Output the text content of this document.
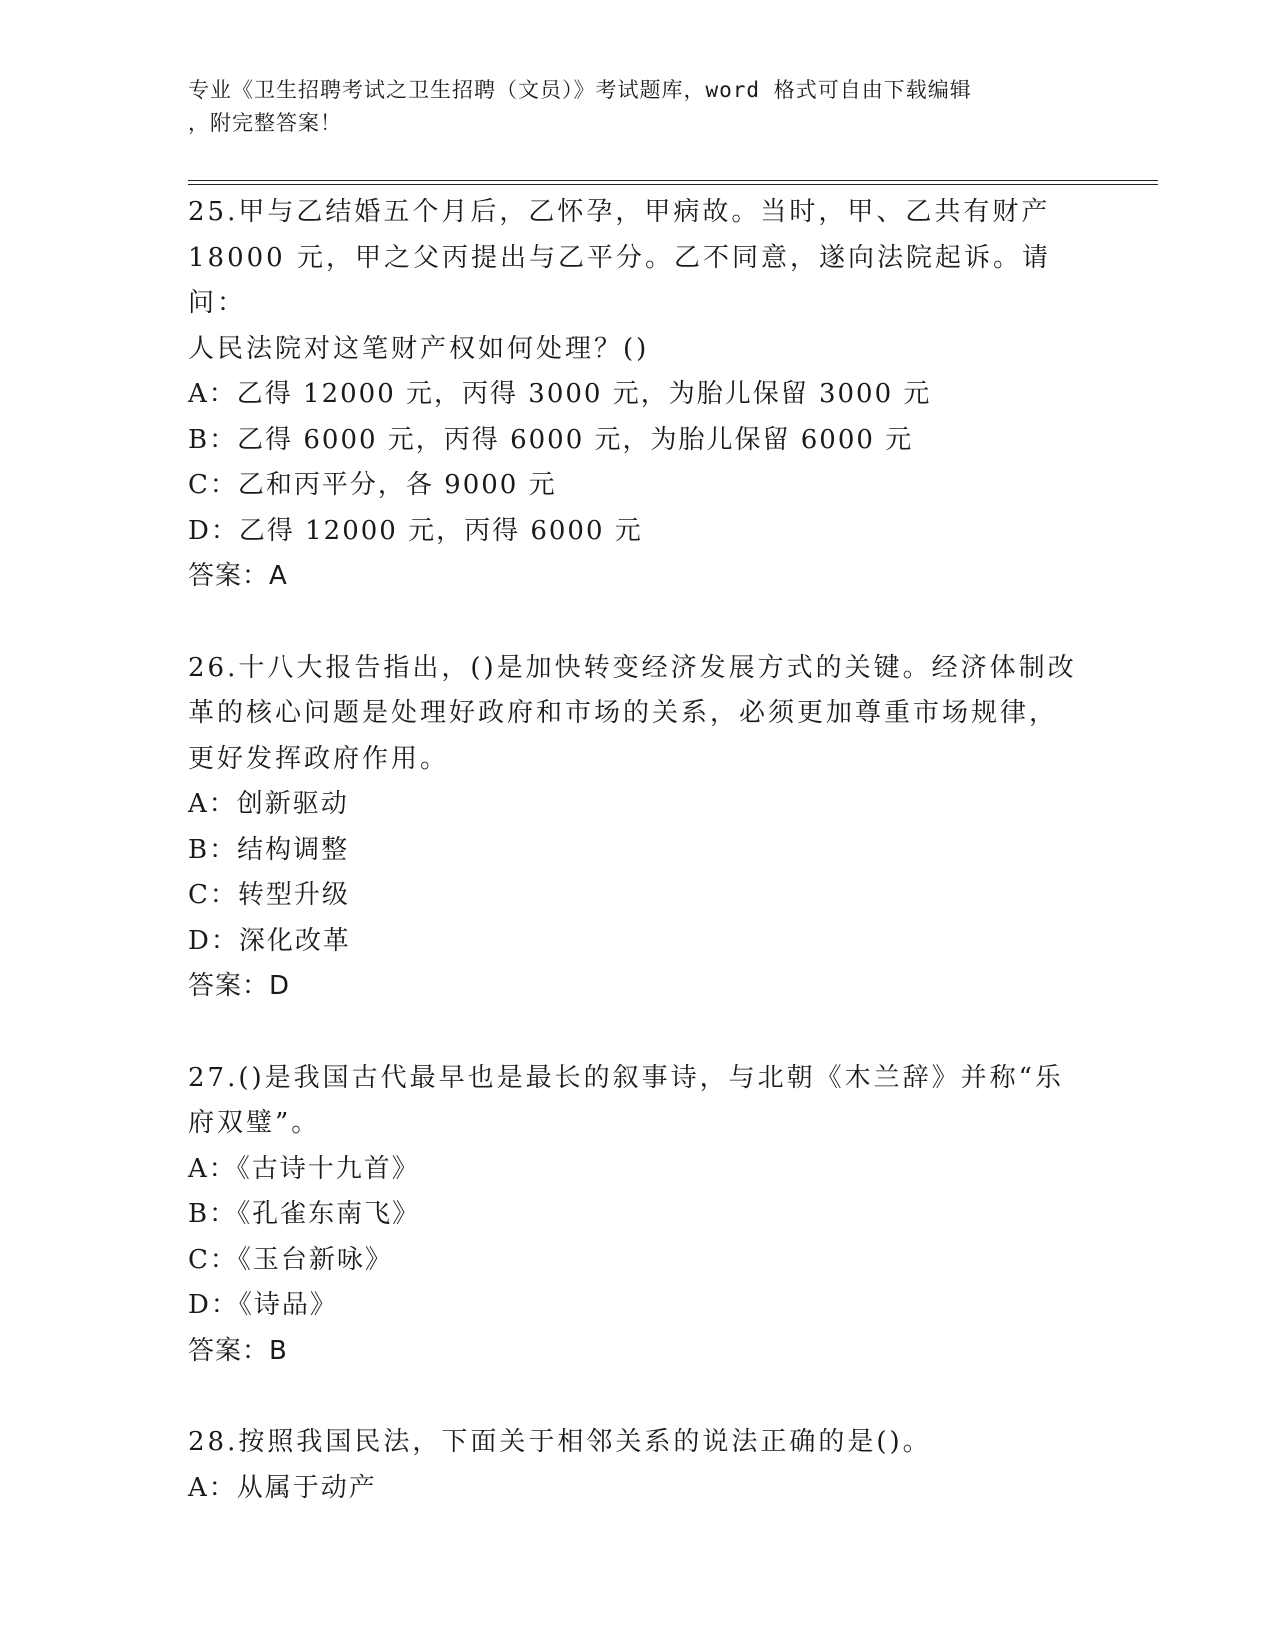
专业《卫生招聘考试之卫生招聘（文员）》考试题库，word 格式可自由下载编辑
，附完整答案！

25.甲与乙结婚五个月后，乙怀孕，甲病故。当时，甲、乙共有财产

18000 元，甲之父丙提出与乙平分。乙不同意，遂向法院起诉。请问：

人民法院对这笔财产权如何处理？()

A：乙得 12000 元，丙得 3000 元，为胎儿保留 3000 元

B：乙得 6000 元，丙得 6000 元，为胎儿保留 6000 元

C：乙和丙平分，各 9000 元

D：乙得 12000 元，丙得 6000 元

答案：A

26.十八大报告指出，()是加快转变经济发展方式的关键。经济体制改

革的核心问题是处理好政府和市场的关系，必须更加尊重市场规律，

更好发挥政府作用。

A：创新驱动

B：结构调整

C：转型升级

D：深化改革

答案：D

27.()是我国古代最早也是最长的叙事诗，与北朝《木兰辞》并称“乐

府双璧”。

A：《古诗十九首》

B：《孔雀东南飞》

C：《玉台新咏》

D：《诗品》

答案：B

28.按照我国民法，下面关于相邻关系的说法正确的是()。

A：从属于动产
